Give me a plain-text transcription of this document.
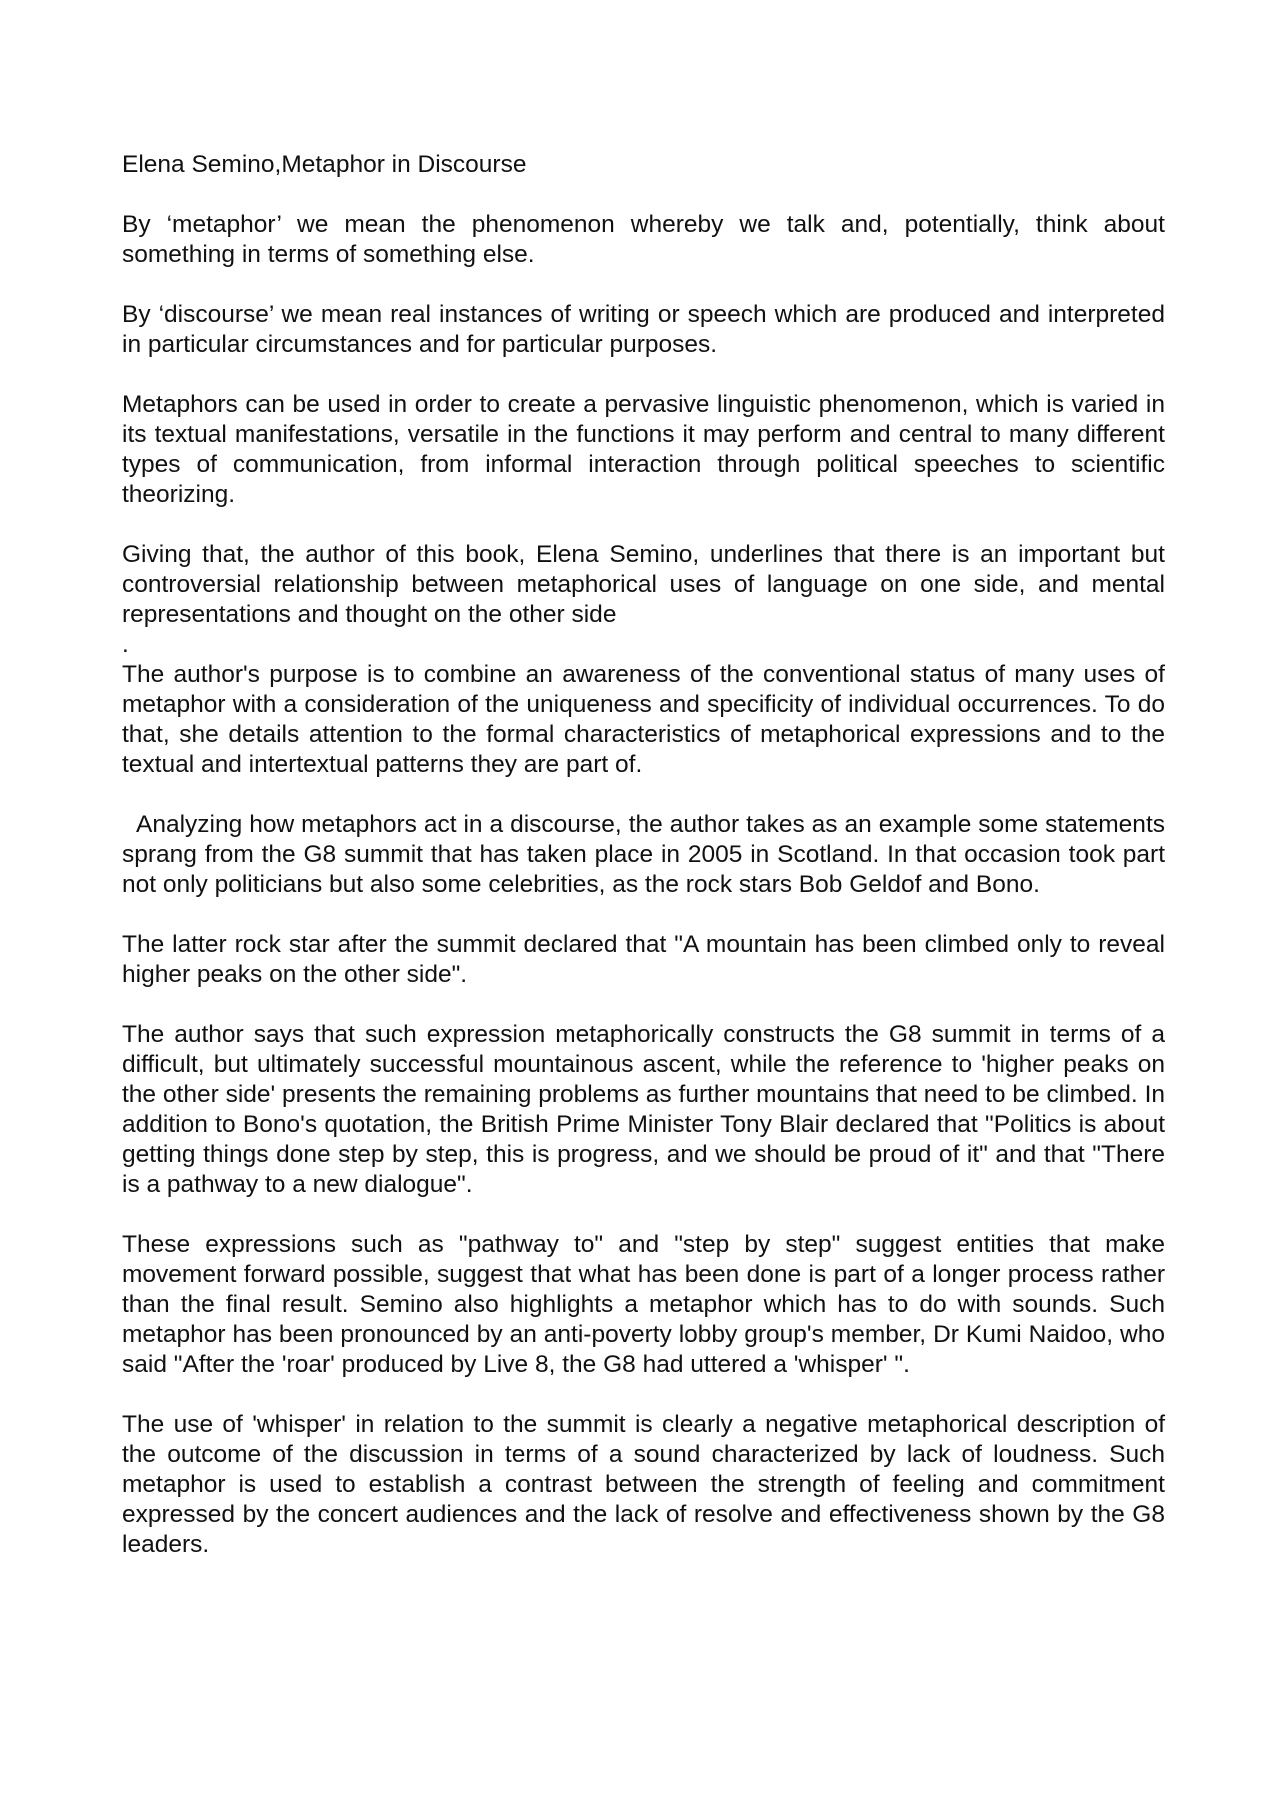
Elena Semino,Metaphor in Discourse

By ‘metaphor’ we mean the phenomenon whereby we talk and, potentially, think about something in terms of something else.

By ‘discourse’ we mean real instances of writing or speech which are produced and interpreted in particular circumstances and for particular purposes.

Metaphors can be used in order to create a pervasive linguistic phenomenon, which is varied in its textual manifestations, versatile in the functions it may perform and central to many different types of communication, from informal interaction through political speeches to scientific theorizing.

Giving that, the author of this book, Elena Semino, underlines that there is an important but controversial relationship between metaphorical uses of language on one side, and mental representations and thought on the other side

.

The author's purpose is to combine an awareness of the conventional status of many uses of metaphor with a consideration of the uniqueness and specificity of individual occurrences. To do that, she details attention to the formal characteristics of metaphorical expressions and to the textual and intertextual patterns they are part of.

Analyzing how metaphors act in a discourse, the author takes as an example some statements sprang from the G8 summit that has taken place in 2005 in Scotland. In that occasion took part not only politicians but also some celebrities, as the rock stars Bob Geldof and Bono.

The latter rock star after the summit declared that "A mountain has been climbed only to reveal higher peaks on the other side".

The author says that such expression metaphorically constructs the G8 summit in terms of a difficult, but ultimately successful mountainous ascent, while the reference to 'higher peaks on the other side' presents the remaining problems as further mountains that need to be climbed. In addition to Bono's quotation, the British Prime Minister Tony Blair declared that "Politics is about getting things done step by step, this is progress, and we should be proud of it" and that "There is a pathway to a new dialogue".

These expressions such as "pathway to" and "step by step" suggest entities that make movement forward possible, suggest that what has been done is part of a longer process rather than the final result. Semino also highlights a metaphor which has to do with sounds. Such metaphor has been pronounced by an anti-poverty lobby group's member, Dr Kumi Naidoo, who said "After the 'roar' produced by Live 8, the G8 had uttered a 'whisper' ".

The use of 'whisper' in relation to the summit is clearly a negative metaphorical description of the outcome of the discussion in terms of a sound characterized by lack of loudness. Such metaphor is used to establish a contrast between the strength of feeling and commitment expressed by the concert audiences and the lack of resolve and effectiveness shown by the G8 leaders.
